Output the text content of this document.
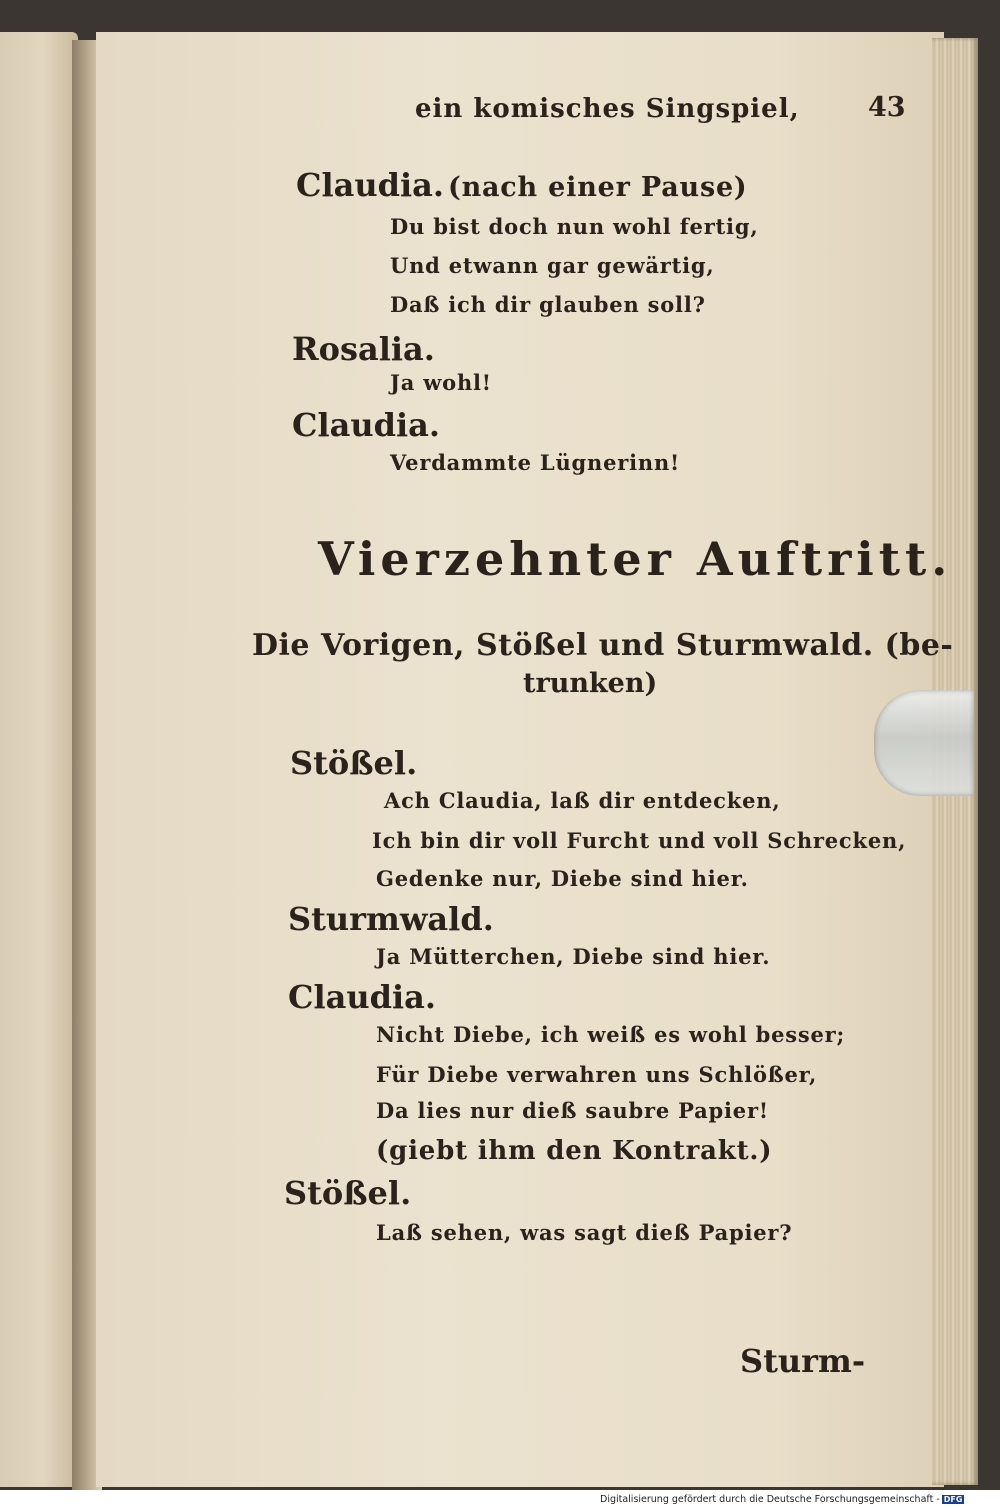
ein komisches Singspiel,	43
Claudia. (nach einer Pause)
Du bist doch nun wohl fertig,
Und etwann gar gewärtig,
Daß ich dir glauben soll?
Rosalia.
Ja wohl!
Claudia.
Verdammte Lügnerinn!
Vierzehnter Auftritt.
Die Vorigen, Stößel und Sturmwald. (be-
trunken)
Stößel.
Ach Claudia, laß dir entdecken,
Ich bin dir voll Furcht und voll Schrecken,
Gedenke nur, Diebe sind hier.
Sturmwald.
Ja Mütterchen, Diebe sind hier.
Claudia.
Nicht Diebe, ich weiß es wohl besser;
Für Diebe verwahren uns Schlößer,
Da lies nur dieß saubre Papier!
(giebt ihm den Kontrakt.)
Stößel.
Laß sehen, was sagt dieß Papier?
Sturm-
Digitalisierung gefördert durch die Deutsche Forschungsgemeinschaft - DFG
